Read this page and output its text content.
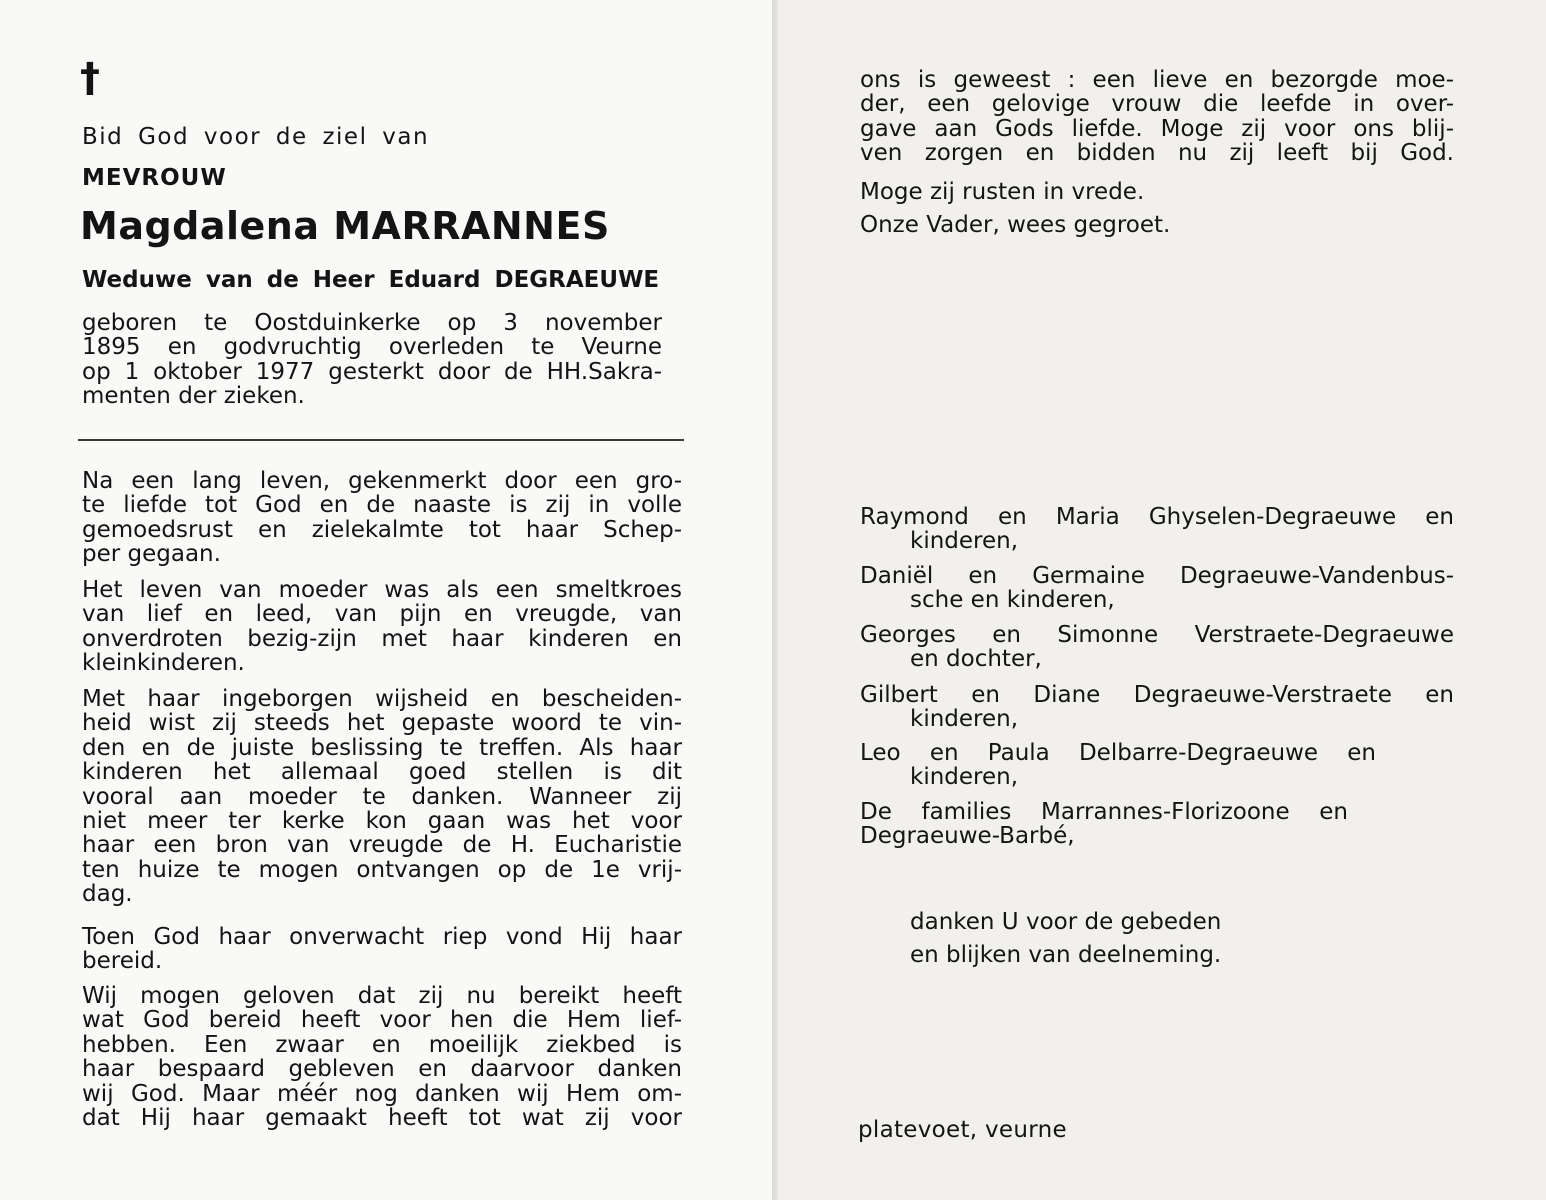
†
Bid God voor de ziel van
MEVROUW
Magdalena MARRANNES
Weduwe van de Heer Eduard DEGRAEUWE
geboren te Oostduinkerke op 3 november
1895 en godvruchtig overleden te Veurne
op 1 oktober 1977 gesterkt door de HH.Sakra-
menten der zieken.
Na een lang leven, gekenmerkt door een gro-
te liefde tot God en de naaste is zij in volle
gemoedsrust en zielekalmte tot haar Schep-
per gegaan.
Het leven van moeder was als een smeltkroes
van lief en leed, van pijn en vreugde, van
onverdroten bezig-zijn met haar kinderen en
kleinkinderen.
Met haar ingeborgen wijsheid en bescheiden-
heid wist zij steeds het gepaste woord te vin-
den en de juiste beslissing te treffen. Als haar
kinderen het allemaal goed stellen is dit
vooral aan moeder te danken. Wanneer zij
niet meer ter kerke kon gaan was het voor
haar een bron van vreugde de H. Eucharistie
ten huize te mogen ontvangen op de 1e vrij-
dag.
Toen God haar onverwacht riep vond Hij haar
bereid.
Wij mogen geloven dat zij nu bereikt heeft
wat God bereid heeft voor hen die Hem lief-
hebben. Een zwaar en moeilijk ziekbed is
haar bespaard gebleven en daarvoor danken
wij God. Maar méér nog danken wij Hem om-
dat Hij haar gemaakt heeft tot wat zij voor
ons is geweest : een lieve en bezorgde moe-
der, een gelovige vrouw die leefde in over-
gave aan Gods liefde. Moge zij voor ons blij-
ven zorgen en bidden nu zij leeft bij God.
Moge zij rusten in vrede.
Onze Vader, wees gegroet.
Raymond en Maria Ghyselen-Degraeuwe en
kinderen,
Daniël en Germaine Degraeuwe-Vandenbus-
sche en kinderen,
Georges en Simonne Verstraete-Degraeuwe
en dochter,
Gilbert en Diane Degraeuwe-Verstraete en
kinderen,
Leo en Paula Delbarre-Degraeuwe en
kinderen,
De families Marrannes-Florizoone en
Degraeuwe-Barbé,
danken U voor de gebeden
en blijken van deelneming.
platevoet, veurne
